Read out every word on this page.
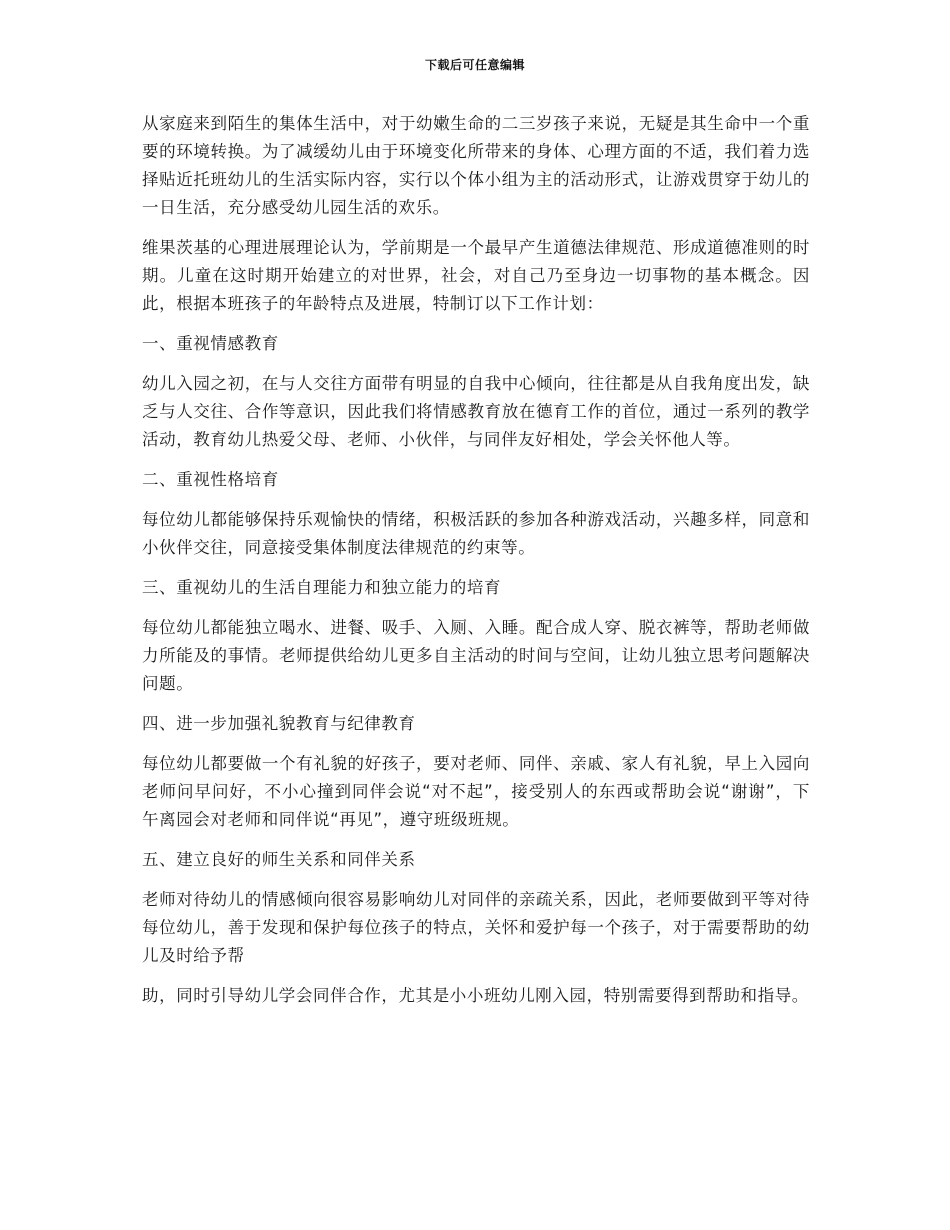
下载后可任意编辑

从家庭来到陌生的集体生活中，对于幼嫩生命的二三岁孩子来说，无疑是其生命中一个重要的环境转换。为了减缓幼儿由于环境变化所带来的身体、心理方面的不适，我们着力选择贴近托班幼儿的生活实际内容，实行以个体小组为主的活动形式，让游戏贯穿于幼儿的一日生活，充分感受幼儿园生活的欢乐。

维果茨基的心理进展理论认为，学前期是一个最早产生道德法律规范、形成道德准则的时期。儿童在这时期开始建立的对世界，社会，对自己乃至身边一切事物的基本概念。因此，根据本班孩子的年龄特点及进展，特制订以下工作计划：

一、重视情感教育

幼儿入园之初，在与人交往方面带有明显的自我中心倾向，往往都是从自我角度出发，缺乏与人交往、合作等意识，因此我们将情感教育放在德育工作的首位，通过一系列的教学活动，教育幼儿热爱父母、老师、小伙伴，与同伴友好相处，学会关怀他人等。

二、重视性格培育

每位幼儿都能够保持乐观愉快的情绪，积极活跃的参加各种游戏活动，兴趣多样，同意和小伙伴交往，同意接受集体制度法律规范的约束等。

三、重视幼儿的生活自理能力和独立能力的培育

每位幼儿都能独立喝水、进餐、吸手、入厕、入睡。配合成人穿、脱衣裤等，帮助老师做力所能及的事情。老师提供给幼儿更多自主活动的时间与空间，让幼儿独立思考问题解决问题。

四、进一步加强礼貌教育与纪律教育

每位幼儿都要做一个有礼貌的好孩子，要对老师、同伴、亲戚、家人有礼貌，早上入园向老师问早问好，不小心撞到同伴会说“对不起”，接受别人的东西或帮助会说“谢谢”，下午离园会对老师和同伴说“再见”，遵守班级班规。

五、建立良好的师生关系和同伴关系

老师对待幼儿的情感倾向很容易影响幼儿对同伴的亲疏关系，因此，老师要做到平等对待每位幼儿，善于发现和保护每位孩子的特点，关怀和爱护每一个孩子，对于需要帮助的幼儿及时给予帮

助，同时引导幼儿学会同伴合作，尤其是小小班幼儿刚入园，特别需要得到帮助和指导。
